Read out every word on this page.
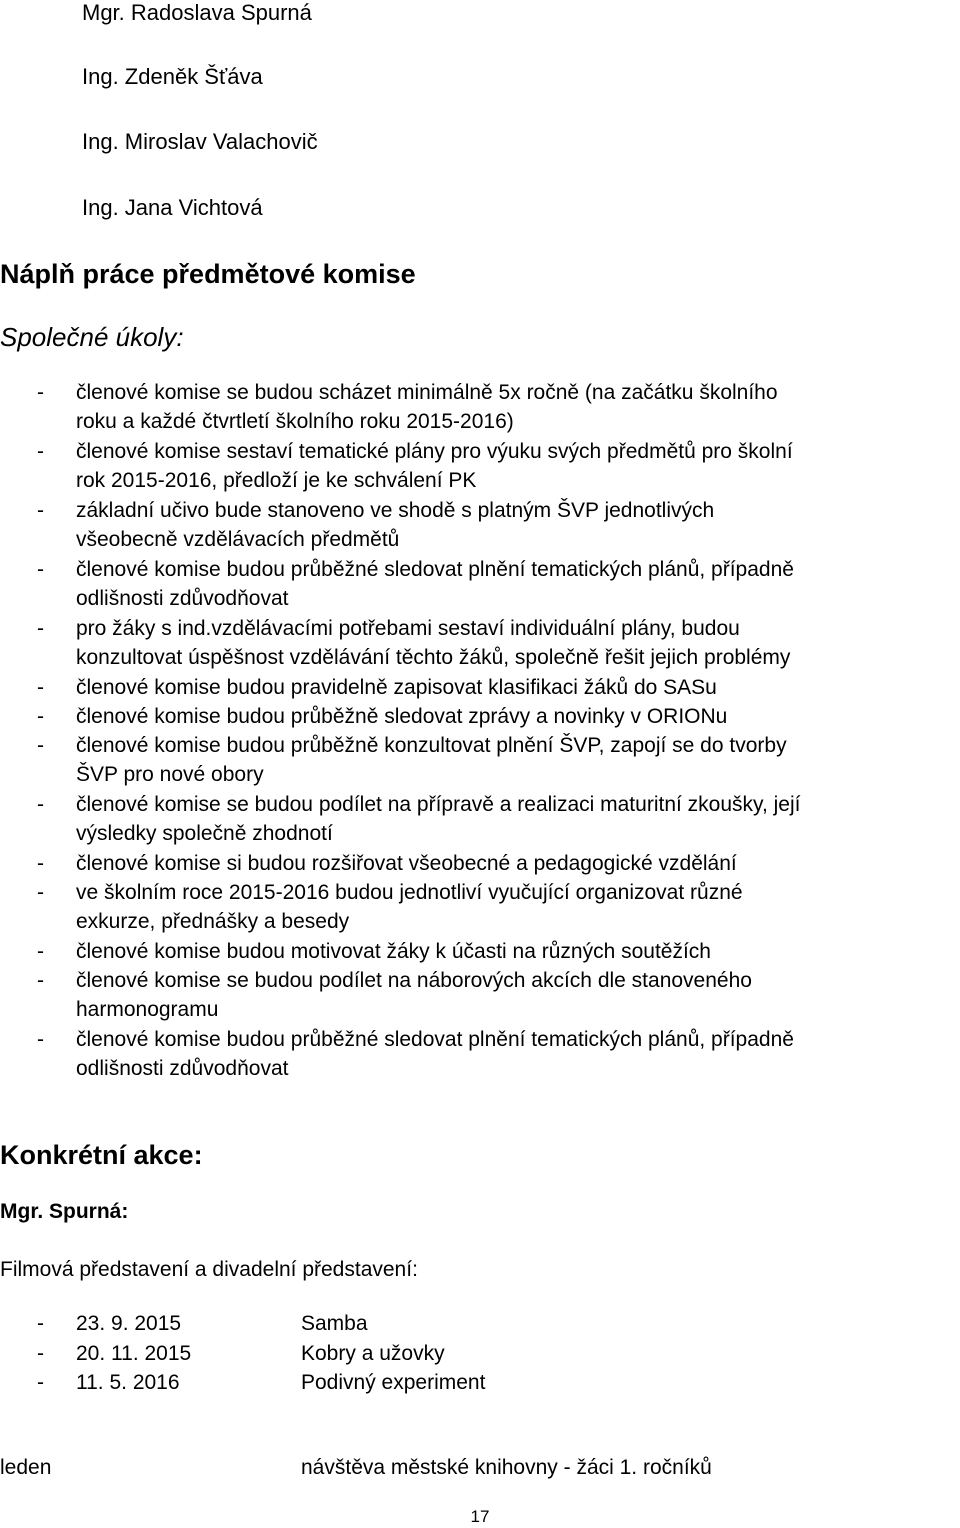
Mgr. Radoslava Spurná
Ing. Zdeněk Šťáva
Ing. Miroslav Valachovič
Ing. Jana Vichtová
Náplň práce předmětové komise
Společné úkoly:
- členové komise se budou scházet minimálně 5x ročně (na začátku školního
roku a každé čtvrtletí školního roku 2015-2016)
- členové komise sestaví tematické plány pro výuku svých předmětů pro školní
rok 2015-2016, předloží je ke schválení PK
- základní učivo bude stanoveno ve shodě s platným ŠVP jednotlivých
všeobecně vzdělávacích předmětů
- členové komise budou průběžné sledovat plnění tematických plánů, případně
odlišnosti zdůvodňovat
- pro žáky s ind.vzdělávacími potřebami sestaví individuální plány, budou
konzultovat úspěšnost vzdělávání těchto žáků, společně řešit jejich problémy
- členové komise budou pravidelně zapisovat klasifikaci žáků do SASu
- členové komise budou průběžně sledovat zprávy a novinky v ORIONu
- členové komise budou průběžně konzultovat plnění ŠVP, zapojí se do tvorby
ŠVP pro nové obory
- členové komise se budou podílet na přípravě a realizaci maturitní zkoušky, její
výsledky společně zhodnotí
- členové komise si budou rozšiřovat všeobecné a pedagogické vzdělání
- ve školním roce 2015-2016 budou jednotliví vyučující organizovat různé
exkurze, přednášky a besedy
- členové komise budou motivovat žáky k účasti na různých soutěžích
- členové komise se budou podílet na náborových akcích dle stanoveného
harmonogramu
- členové komise budou průběžné sledovat plnění tematických plánů, případně
odlišnosti zdůvodňovat
Konkrétní akce:
Mgr. Spurná:
Filmová představení a divadelní představení:
- 23. 9. 2015	Samba
- 20. 11. 2015	Kobry a užovky
- 11. 5. 2016	Podivný experiment
leden	návštěva městské knihovny - žáci 1. ročníků
17
